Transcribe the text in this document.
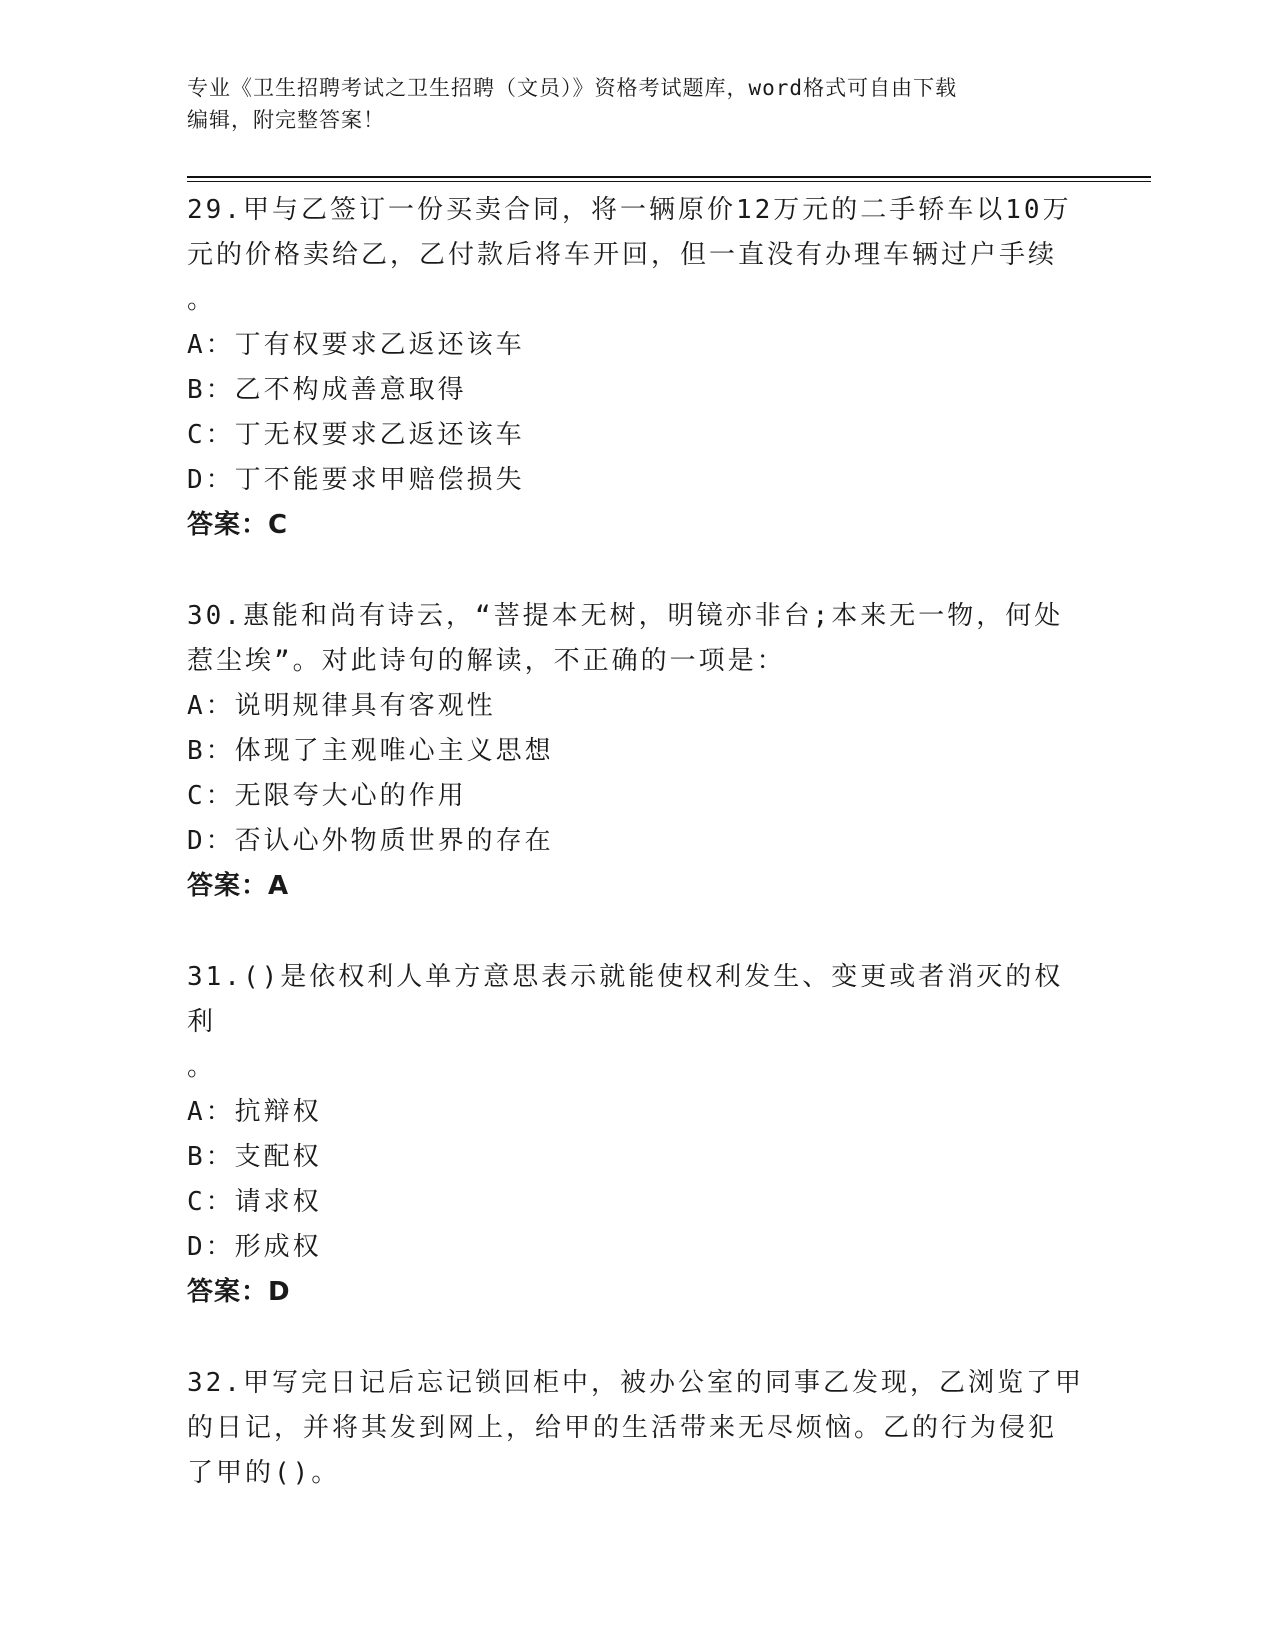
专业《卫生招聘考试之卫生招聘（文员）》资格考试题库，word格式可自由下载
编辑，附完整答案！
29.甲与乙签订一份买卖合同，将一辆原价12万元的二手轿车以10万
元的价格卖给乙，乙付款后将车开回，但一直没有办理车辆过户手续
。
A：丁有权要求乙返还该车
B：乙不构成善意取得
C：丁无权要求乙返还该车
D：丁不能要求甲赔偿损失
答案：C
30.惠能和尚有诗云，“菩提本无树，明镜亦非台;本来无一物，何处
惹尘埃”。对此诗句的解读，不正确的一项是：
A：说明规律具有客观性
B：体现了主观唯心主义思想
C：无限夸大心的作用
D：否认心外物质世界的存在
答案：A
31.()是依权利人单方意思表示就能使权利发生、变更或者消灭的权利
。
A：抗辩权
B：支配权
C：请求权
D：形成权
答案：D
32.甲写完日记后忘记锁回柜中，被办公室的同事乙发现，乙浏览了甲
的日记，并将其发到网上，给甲的生活带来无尽烦恼。乙的行为侵犯
了甲的()。
